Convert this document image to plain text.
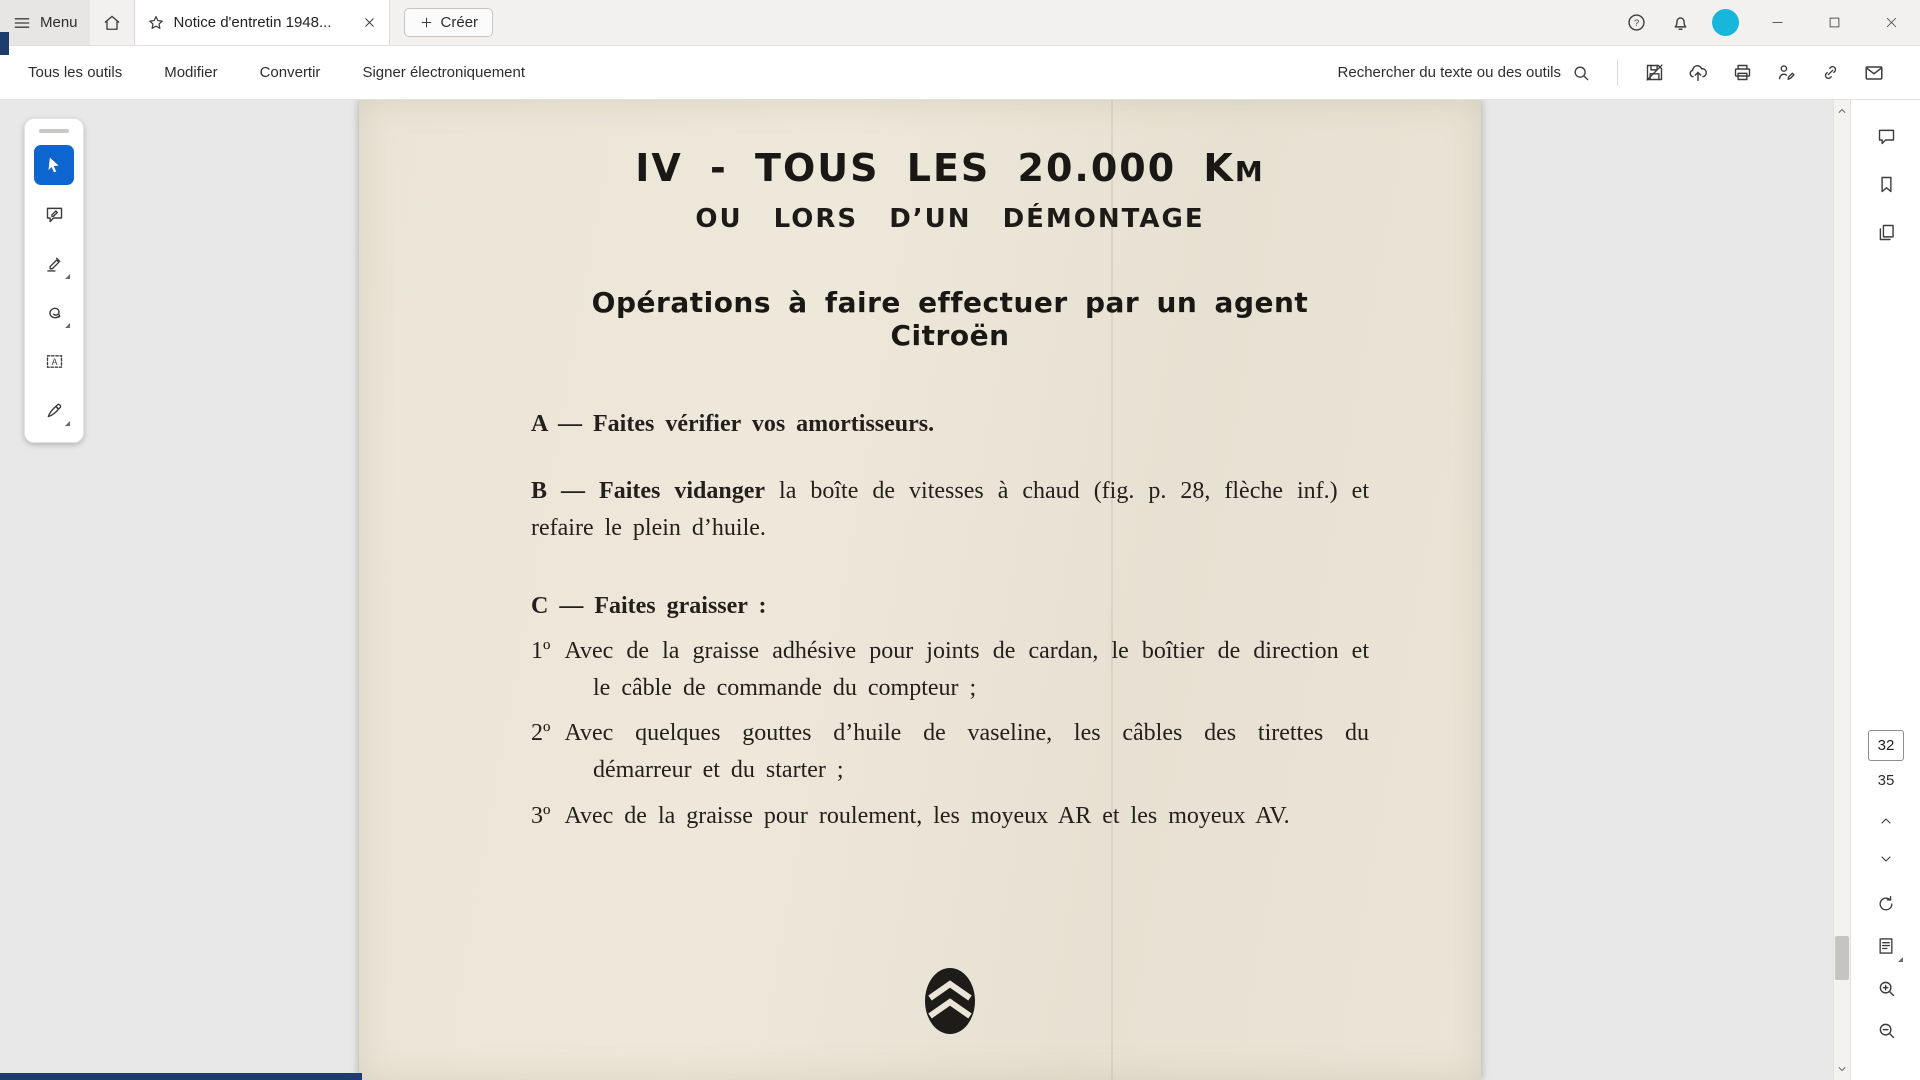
Menu	Notice d'entretin 1948...	Créer	?
Tous les outils	Modifier	Convertir	Signer électroniquement	Rechercher du texte ou des outils
IV - TOUS LES 20.000 KM
OU LORS D’UN DÉMONTAGE
Opérations à faire effectuer par un agent Citroën

A — Faites vérifier vos amortisseurs.

B — Faites vidanger la boîte de vitesses à chaud (fig. p. 28, flèche inf.) et refaire le plein d’huile.

C — Faites graisser :

1º Avec de la graisse adhésive pour joints de cardan, le boîtier de direction et le câble de commande du compteur ;

2º Avec quelques gouttes d’huile de vaseline, les câbles des tirettes du démarreur et du starter ;

3º Avec de la graisse pour roulement, les moyeux AR et les moyeux AV.

A
32
35
